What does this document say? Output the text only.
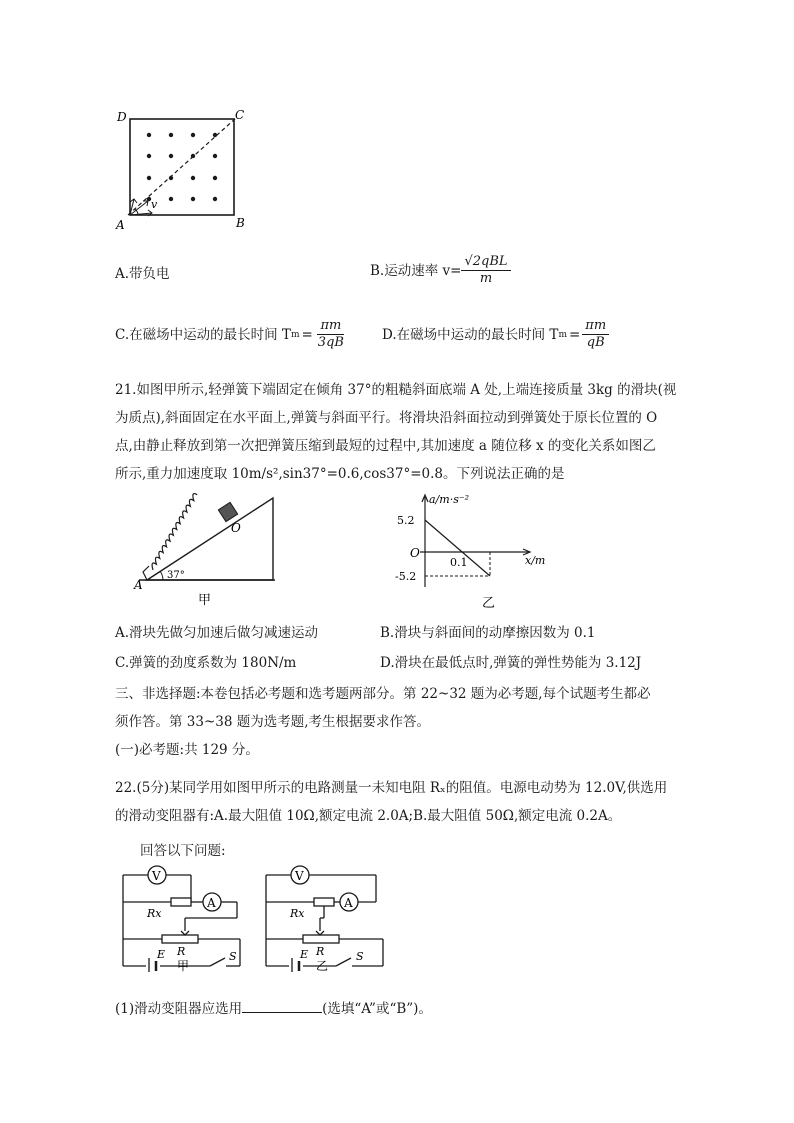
D	C
A	B
v
A.带负电	B.运动速率 $v= \frac{\text{√2qBL}}{m}$
C.在磁场中运动的最长时间 T $m = \frac{\pi m}{3qB}$	D.在磁场中运动的最长时间 T $m = \frac{\pi m}{qB}$
21.如图甲所示,轻弹簧下端固定在倾角 37°的粗糙斜面底端 A 处,上端连接质量 3kg 的滑块(视
为质点),斜面固定在水平面上,弹簧与斜面平行。将滑块沿斜面拉动到弹簧处于原长位置的 O
点,由静止释放到第一次把弹簧压缩到最短的过程中,其加速度 a 随位移 x 的变化关系如图乙
所示,重力加速度取 10m/s²,sin37°=0.6,cos37°=0.8。下列说法正确的是
O
A
37°
甲
a/m·s⁻²
x/m
5.2
-5.2
O
0.1
乙
A.滑块先做匀加速后做匀减速运动	B.滑块与斜面间的动摩擦因数为 0.1
C.弹簧的劲度系数为 180N/m	D.滑块在最低点时,弹簧的弹性势能为 3.12J
三、非选择题:本卷包括必考题和选考题两部分。第 22~32 题为必考题,每个试题考生都必
须作答。第 33~38 题为选考题,考生根据要求作答。
(一)必考题:共 129 分。
22.(5分)某同学用如图甲所示的电路测量一未知电阻 Rₓ的阻值。电源电动势为 12.0V,供选用
的滑动变阻器有:A.最大阻值 10Ω,额定电流 2.0A;B.最大阻值 50Ω,额定电流 0.2A。
回答以下问题:
V
Rx
A
R
E	S
甲
V
Rx
A
R
E	S
乙
(1)滑动变阻器应选用	(选填“A”或“B”)。
